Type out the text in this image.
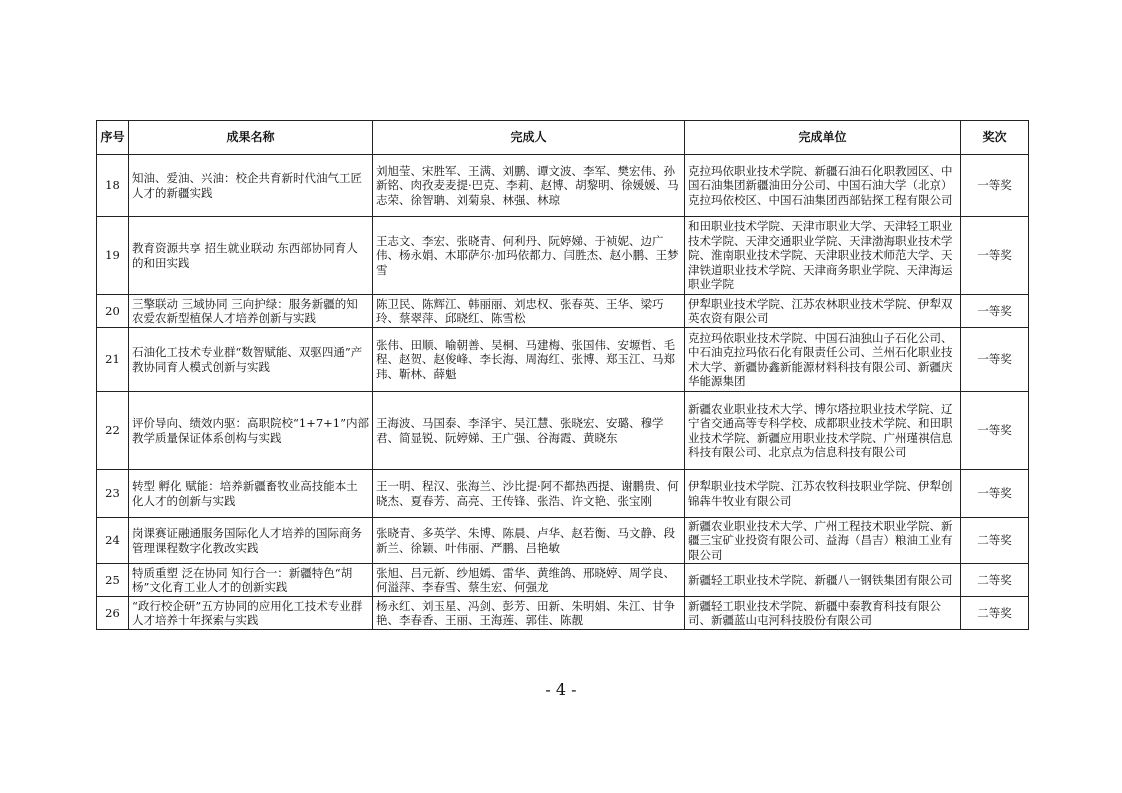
序号	成果名称	完成人	完成单位	奖次
18	知油、爱油、兴油：校企共育新时代油气工匠人才的新疆实践	刘旭莹、宋胜军、王满、刘鹏、谭文波、李军、樊宏伟、孙新铭、肉孜麦麦提·巴克、李莉、赵博、胡黎明、徐媛媛、马志荣、徐智聃、刘菊泉、林强、林琼	克拉玛依职业技术学院、新疆石油石化职教园区、中国石油集团新疆油田分公司、中国石油大学（北京）克拉玛依校区、中国石油集团西部钻探工程有限公司	一等奖
19	教育资源共享 招生就业联动 东西部协同育人的和田实践	王志文、李宏、张晓青、何利丹、阮婷娣、于祯妮、边广伟、杨永娟、木耶萨尔·加玛依都力、闫胜杰、赵小鹏、王梦雪	和田职业技术学院、天津市职业大学、天津轻工职业技术学院、天津交通职业学院、天津渤海职业技术学院、淮南职业技术学院、天津职业技术师范大学、天津铁道职业技术学院、天津商务职业学院、天津海运职业学院	一等奖
20	三擎联动 三域协同 三向护绿：服务新疆的知农爱农新型植保人才培养创新与实践	陈卫民、陈辉江、韩丽丽、刘忠权、张春英、王华、梁巧玲、蔡翠萍、邱晓红、陈雪松	伊犁职业技术学院、江苏农林职业技术学院、伊犁双英农资有限公司	一等奖
21	石油化工技术专业群“数智赋能、双驱四通”产教协同育人模式创新与实践	张伟、田顺、喻朝善、吴桐、马建梅、张国伟、安塬哲、毛程、赵贺、赵俊峰、李长海、周海红、张博、郑玉江、马郑玮、靳林、薛魁	克拉玛依职业技术学院、中国石油独山子石化公司、中石油克拉玛依石化有限责任公司、兰州石化职业技术大学、新疆协鑫新能源材料科技有限公司、新疆庆华能源集团	一等奖
22	评价导向、绩效内驱：高职院校“1+7+1”内部教学质量保证体系创构与实践	王海波、马国泰、李泽宇、吴江慧、张晓宏、安璐、穆学君、简显锐、阮婷娣、王广强、谷海霞、黄晓东	新疆农业职业技术大学、博尔塔拉职业技术学院、辽宁省交通高等专科学校、成都职业技术学院、和田职业技术学院、新疆应用职业技术学院、广州瑾祺信息科技有限公司、北京点为信息科技有限公司	一等奖
23	转型 孵化 赋能：培养新疆畜牧业高技能本土化人才的创新与实践	王一明、程汉、张海兰、沙比提·阿不都热西提、谢鹏贵、何晓杰、夏春芳、高亮、王传锋、张浩、许文艳、张宝刚	伊犁职业技术学院、江苏农牧科技职业学院、伊犁创锦犇牛牧业有限公司	一等奖
24	岗课赛证融通服务国际化人才培养的国际商务管理课程数字化教改实践	张晓青、多英学、朱博、陈晨、卢华、赵若衡、马文静、段新兰、徐颖、叶伟丽、严鹏、吕艳敏	新疆农业职业技术大学、广州工程技术职业学院、新疆三宝矿业投资有限公司、益海（昌吉）粮油工业有限公司	二等奖
25	特质重塑 泛在协同 知行合一：新疆特色“胡杨”文化育工业人才的创新实践	张旭、吕元新、纱旭嫣、雷华、黄维鸽、邢晓婷、周学良、何溢萍、李春雪、蔡生宏、何强龙	新疆轻工职业技术学院、新疆八一钢铁集团有限公司	二等奖
26	“政行校企研”五方协同的应用化工技术专业群人才培养十年探索与实践	杨永红、刘玉星、冯剑、彭芳、田新、朱明娟、朱江、甘争艳、李春香、王丽、王海莲、郭佳、陈靓	新疆轻工职业技术学院、新疆中泰教育科技有限公司、新疆蓝山屯河科技股份有限公司	二等奖
- 4 -
